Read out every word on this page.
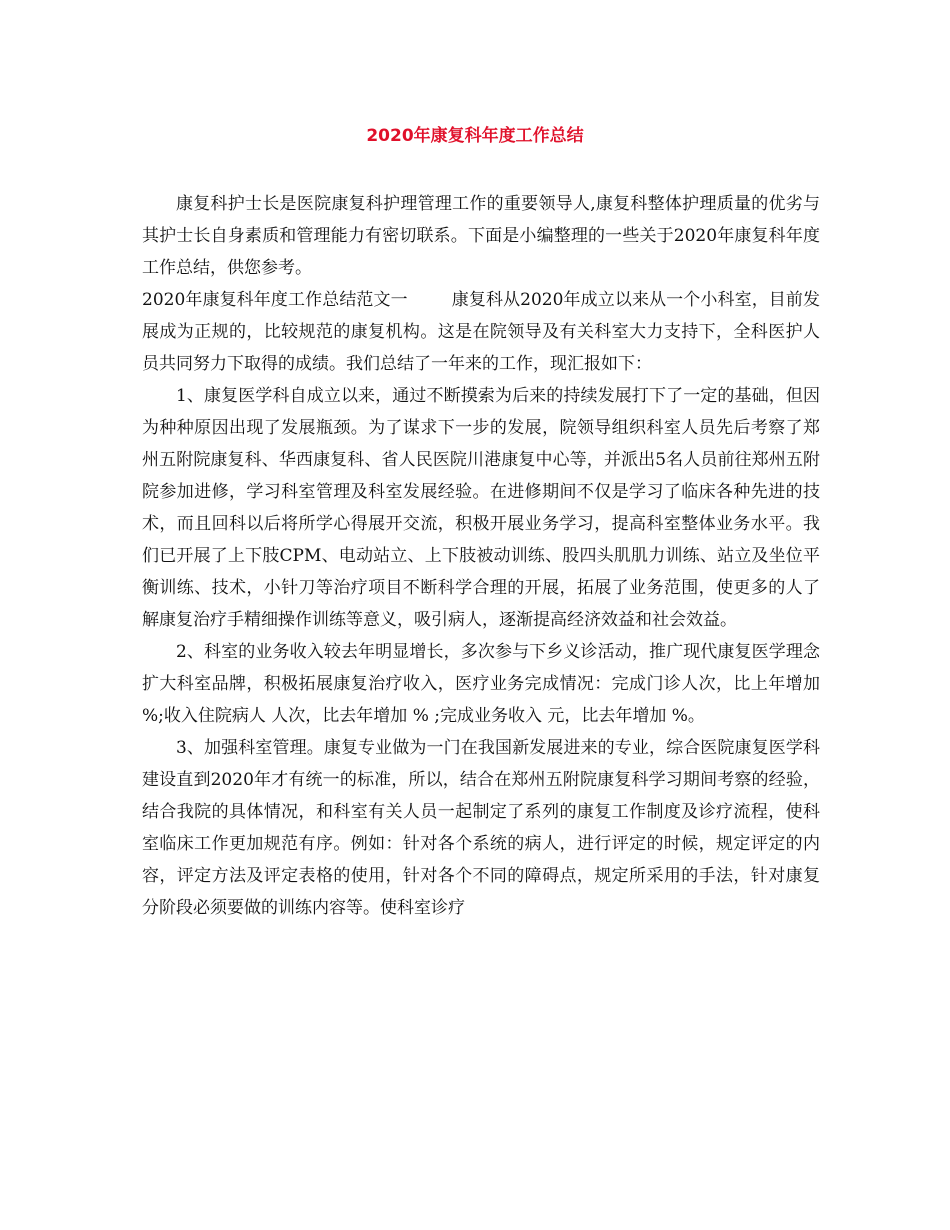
2020年康复科年度工作总结

康复科护士长是医院康复科护理管理工作的重要领导人,康复科整体护理质量的优劣与其护士长自身素质和管理能力有密切联系。下面是小编整理的一些关于2020年康复科年度工作总结，供您参考。

2020年康复科年度工作总结范文一	康复科从2020年成立以来从一个小科室，目前发展成为正规的，比较规范的康复机构。这是在院领导及有关科室大力支持下，全科医护人员共同努力下取得的成绩。我们总结了一年来的工作，现汇报如下：

1、康复医学科自成立以来，通过不断摸索为后来的持续发展打下了一定的基础，但因为种种原因出现了发展瓶颈。为了谋求下一步的发展，院领导组织科室人员先后考察了郑州五附院康复科、华西康复科、省人民医院川港康复中心等，并派出5名人员前往郑州五附院参加进修，学习科室管理及科室发展经验。在进修期间不仅是学习了临床各种先进的技术，而且回科以后将所学心得展开交流，积极开展业务学习，提高科室整体业务水平。我们已开展了上下肢CPM、电动站立、上下肢被动训练、股四头肌肌力训练、站立及坐位平衡训练、技术，小针刀等治疗项目不断科学合理的开展，拓展了业务范围，使更多的人了解康复治疗手精细操作训练等意义，吸引病人，逐渐提高经济效益和社会效益。

2、科室的业务收入较去年明显增长，多次参与下乡义诊活动，推广现代康复医学理念扩大科室品牌，积极拓展康复治疗收入，医疗业务完成情况：完成门诊人次，比上年增加 %;收入住院病人 人次，比去年增加 % ;完成业务收入 元，比去年增加 %。

3、加强科室管理。康复专业做为一门在我国新发展进来的专业，综合医院康复医学科建设直到2020年才有统一的标准，所以，结合在郑州五附院康复科学习期间考察的经验，结合我院的具体情况，和科室有关人员一起制定了系列的康复工作制度及诊疗流程，使科室临床工作更加规范有序。例如：针对各个系统的病人，进行评定的时候，规定评定的内容，评定方法及评定表格的使用，针对各个不同的障碍点，规定所采用的手法，针对康复分阶段必须要做的训练内容等。使科室诊疗
